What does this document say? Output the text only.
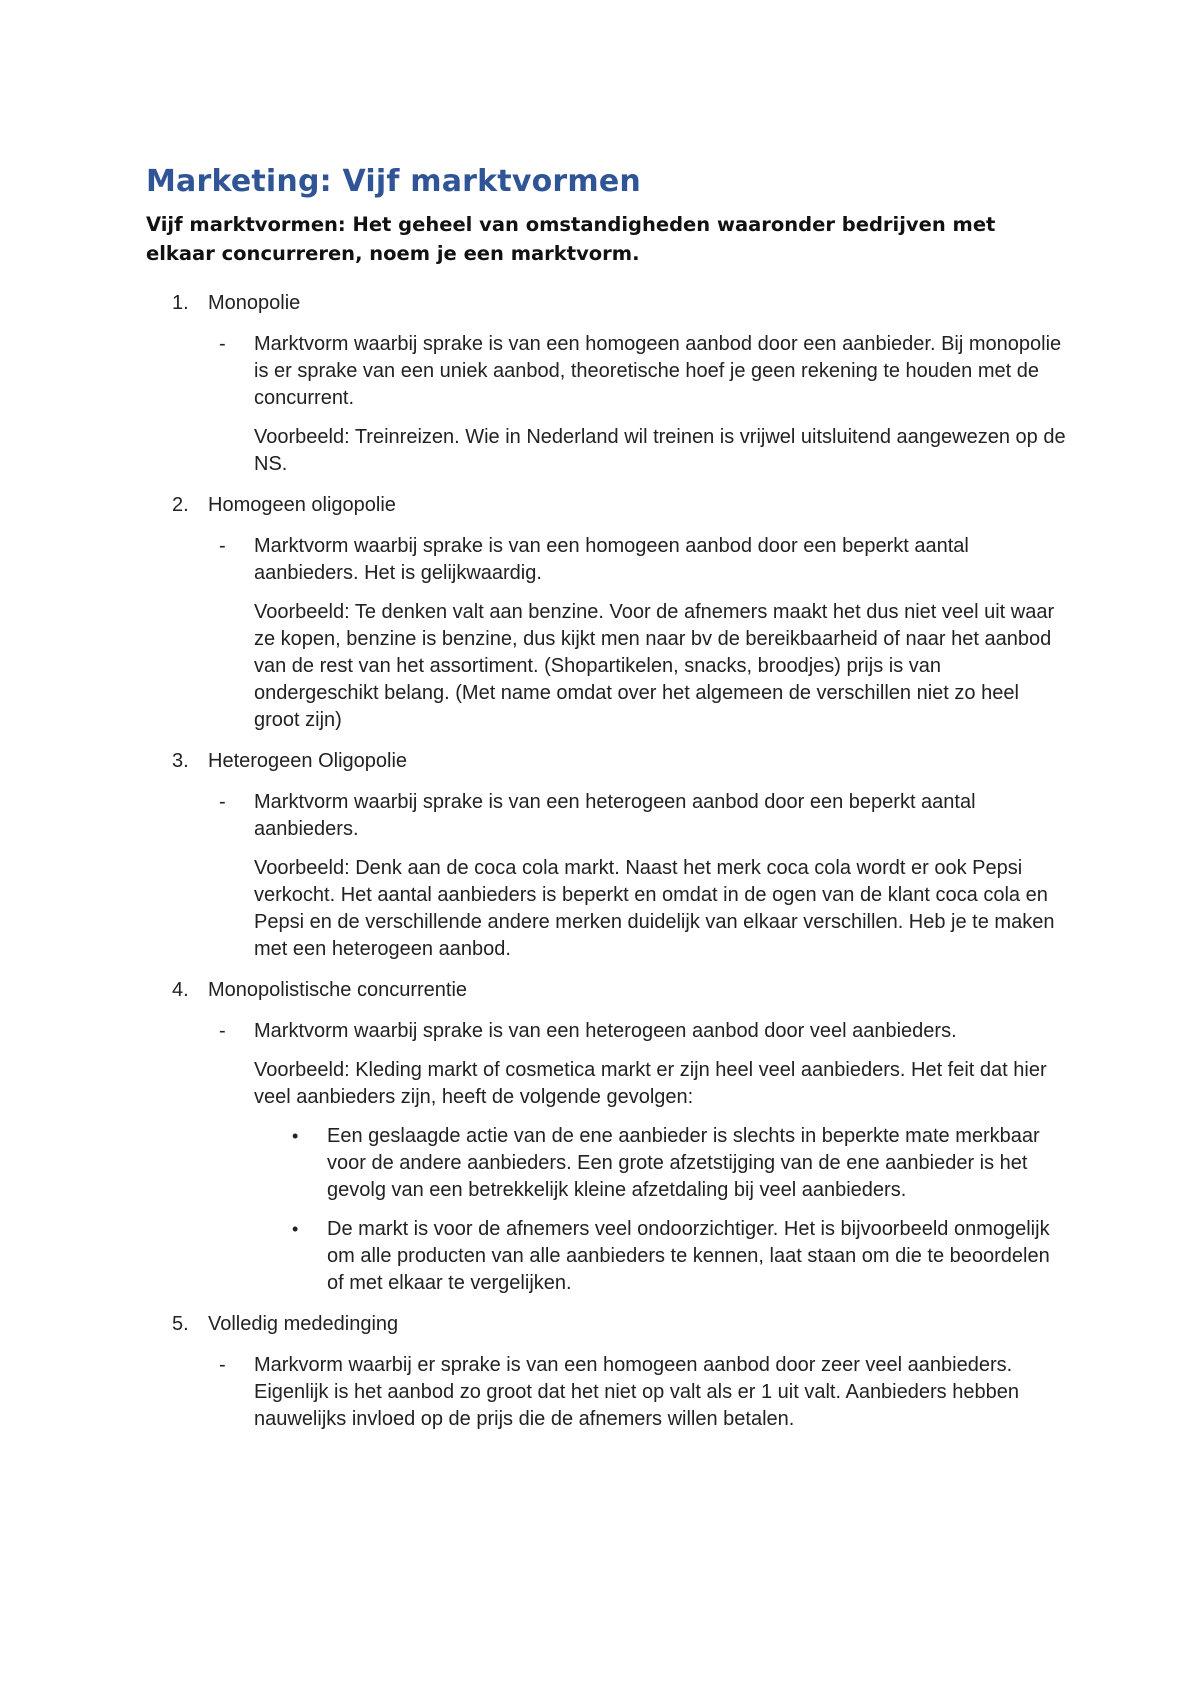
Marketing: Vijf marktvormen

Vijf marktvormen: Het geheel van omstandigheden waaronder bedrijven met elkaar concurreren, noem je een marktvorm.

1. Monopolie
- Marktvorm waarbij sprake is van een homogeen aanbod door een aanbieder. Bij monopolie is er sprake van een uniek aanbod, theoretische hoef je geen rekening te houden met de concurrent.

Voorbeeld: Treinreizen. Wie in Nederland wil treinen is vrijwel uitsluitend aangewezen op de NS.

2. Homogeen oligopolie
- Marktvorm waarbij sprake is van een homogeen aanbod door een beperkt aantal aanbieders. Het is gelijkwaardig.

Voorbeeld: Te denken valt aan benzine. Voor de afnemers maakt het dus niet veel uit waar ze kopen, benzine is benzine, dus kijkt men naar bv de bereikbaarheid of naar het aanbod van de rest van het assortiment. (Shopartikelen, snacks, broodjes) prijs is van ondergeschikt belang. (Met name omdat over het algemeen de verschillen niet zo heel groot zijn)

3. Heterogeen Oligopolie
- Marktvorm waarbij sprake is van een heterogeen aanbod door een beperkt aantal aanbieders.

Voorbeeld: Denk aan de coca cola markt. Naast het merk coca cola wordt er ook Pepsi verkocht. Het aantal aanbieders is beperkt en omdat in de ogen van de klant coca cola en Pepsi en de verschillende andere merken duidelijk van elkaar verschillen. Heb je te maken met een heterogeen aanbod.

4. Monopolistische concurrentie
- Marktvorm waarbij sprake is van een heterogeen aanbod door veel aanbieders.

Voorbeeld: Kleding markt of cosmetica markt er zijn heel veel aanbieders. Het feit dat hier veel aanbieders zijn, heeft de volgende gevolgen:

• Een geslaagde actie van de ene aanbieder is slechts in beperkte mate merkbaar voor de andere aanbieders. Een grote afzetstijging van de ene aanbieder is het gevolg van een betrekkelijk kleine afzetdaling bij veel aanbieders.
• De markt is voor de afnemers veel ondoorzichtiger. Het is bijvoorbeeld onmogelijk om alle producten van alle aanbieders te kennen, laat staan om die te beoordelen of met elkaar te vergelijken.
5. Volledig mededinging
- Markvorm waarbij er sprake is van een homogeen aanbod door zeer veel aanbieders. Eigenlijk is het aanbod zo groot dat het niet op valt als er 1 uit valt. Aanbieders hebben nauwelijks invloed op de prijs die de afnemers willen betalen.
